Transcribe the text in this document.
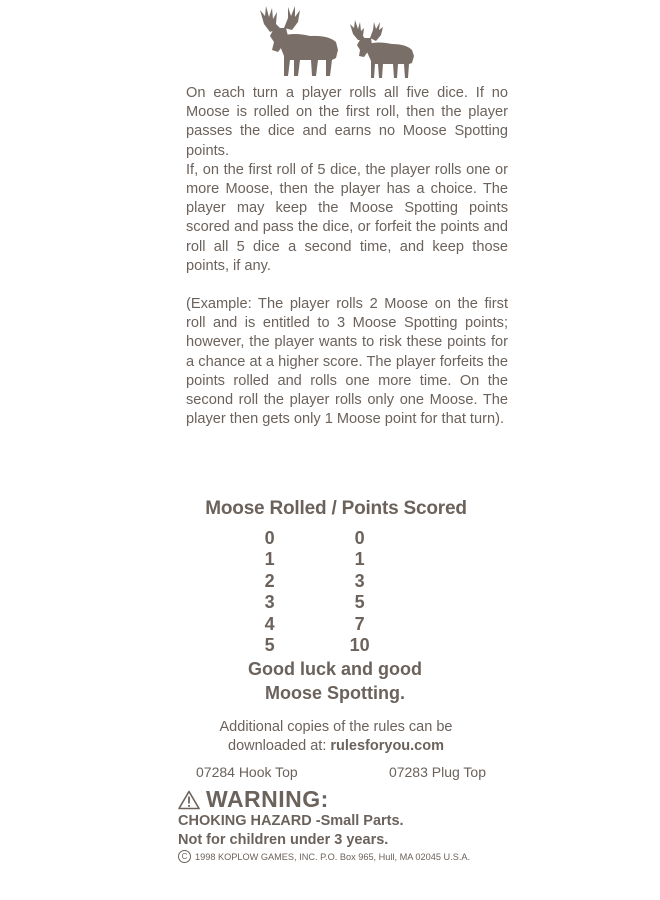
On each turn a player rolls all five dice. If no Moose is rolled on the first roll, then the player passes the dice and earns no Moose Spotting points.

If, on the first roll of 5 dice, the player rolls one or more Moose, then the player has a choice. The player may keep the Moose Spotting points scored and pass the dice, or forfeit the points and roll all 5 dice a second time, and keep those points, if any.

(Example: The player rolls 2 Moose on the first roll and is entitled to 3 Moose Spotting points; however, the player wants to risk these points for a chance at a higher score. The player forfeits the points rolled and rolls one more time. On the second roll the player rolls only one Moose. The player then gets only 1 Moose point for that turn).

Moose Rolled / Points Scored
0	0
1	1
2	3
3	5
4	7
5	10
Good luck and good
Moose Spotting.
Additional copies of the rules can be
downloaded at: rulesforyou.com
07284 Hook Top	07283 Plug Top
WARNING:
CHOKING HAZARD -Small Parts.
Not for children under 3 years.
C 1998 KOPLOW GAMES, INC. P.O. Box 965, Hull, MA 02045 U.S.A.
